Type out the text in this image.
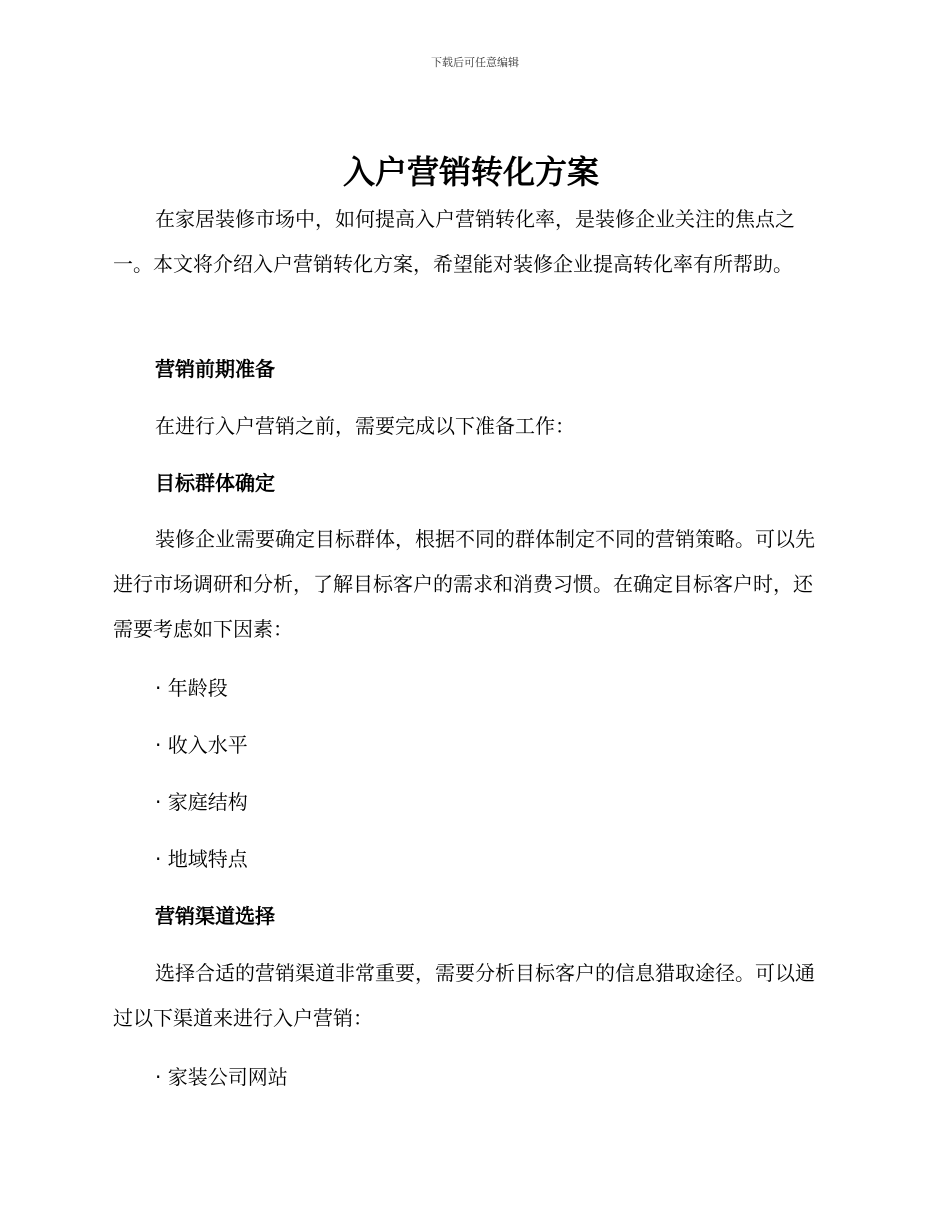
下载后可任意编辑
入户营销转化方案

在家居装修市场中，如何提高入户营销转化率，是装修企业关注的焦点之一。本文将介绍入户营销转化方案，希望能对装修企业提高转化率有所帮助。

营销前期准备

在进行入户营销之前，需要完成以下准备工作：

目标群体确定

装修企业需要确定目标群体，根据不同的群体制定不同的营销策略。可以先进行市场调研和分析，了解目标客户的需求和消费习惯。在确定目标客户时，还需要考虑如下因素：

· 年龄段

· 收入水平

· 家庭结构

· 地域特点

营销渠道选择

选择合适的营销渠道非常重要，需要分析目标客户的信息猎取途径。可以通过以下渠道来进行入户营销：

· 家装公司网站
